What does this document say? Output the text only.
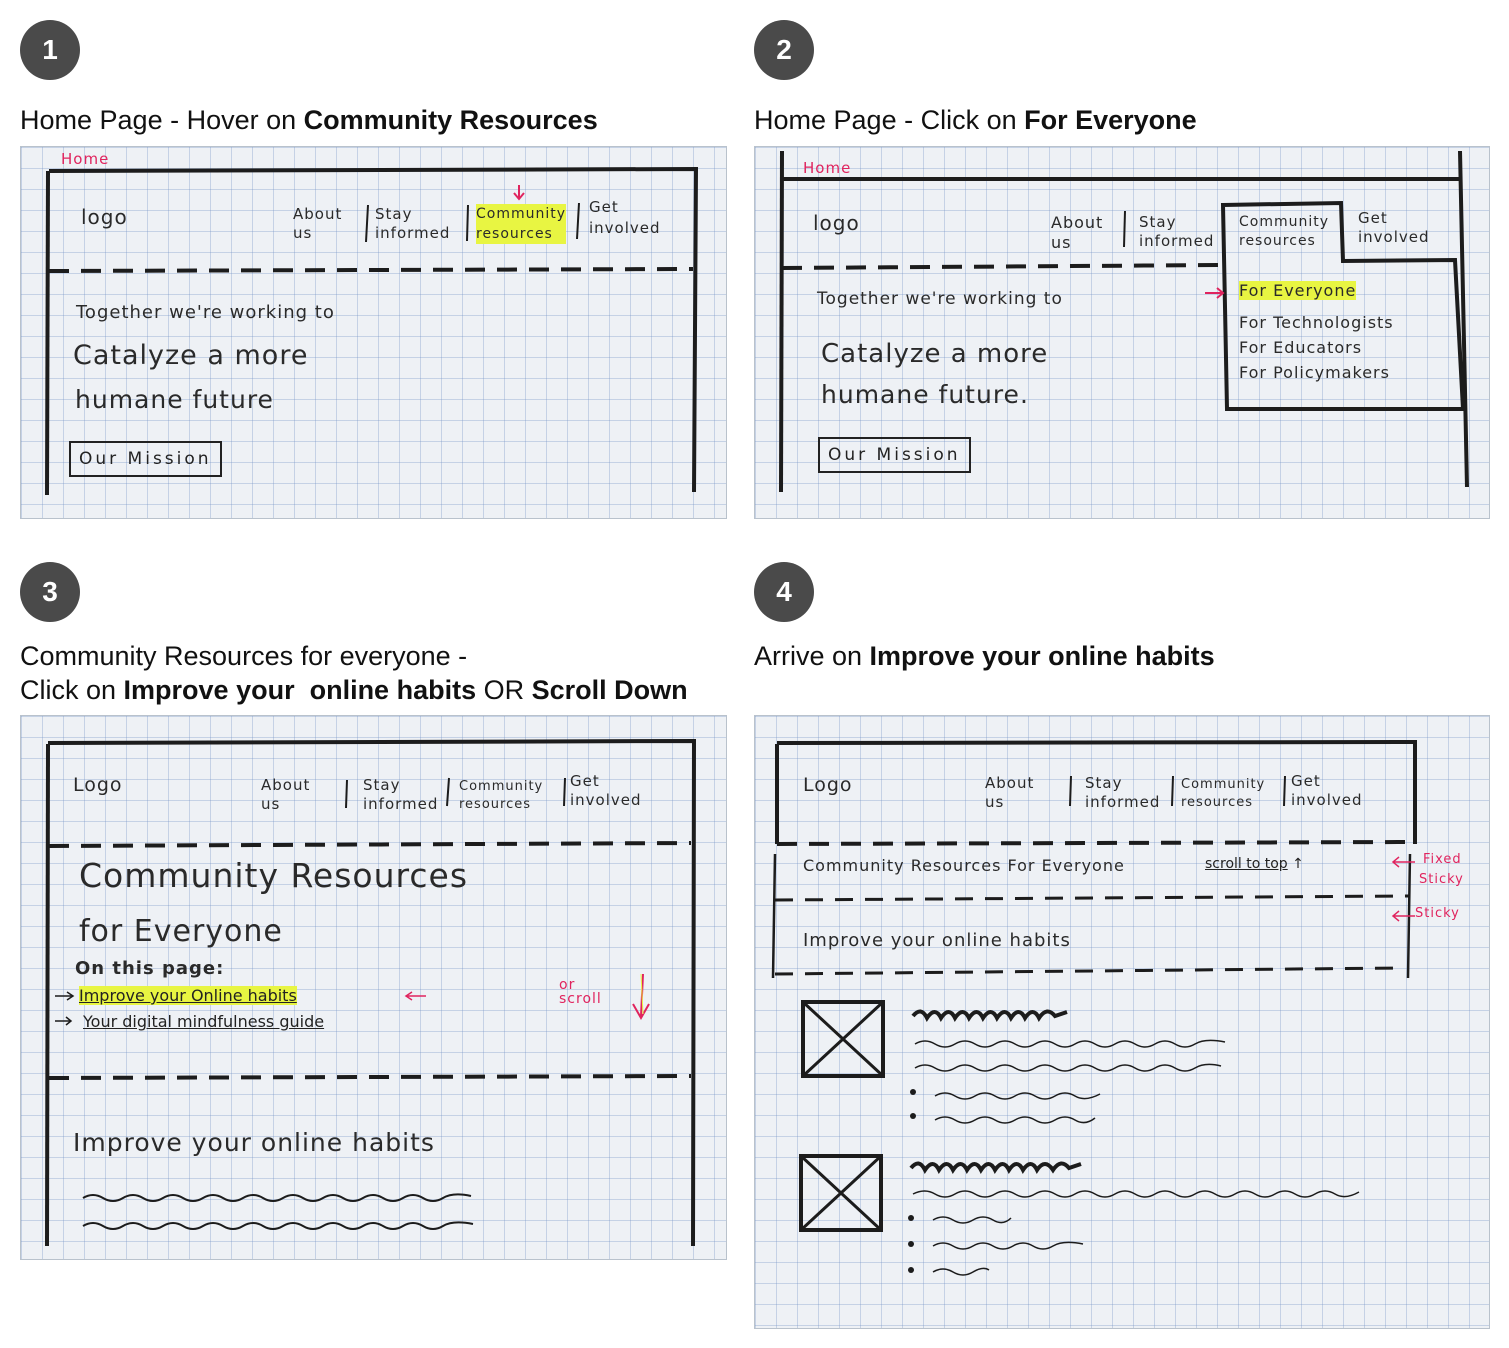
1
Home Page - Hover on Community Resources
Home
logo	About
us
Stay
informed
Community
resources
Get
involved
Together we're working to
Catalyze a more
humane future
Our Mission
2
Home Page - Click on For Everyone
Home
logo	About
us
Stay
informed
Community
resources
Get
involved
For Everyone
For Technologists
For Educators
For Policymakers
Together we're working to
Catalyze a more
humane future.
Our Mission
3
Community Resources for everyone -
Click on Improve your  online habits OR Scroll Down
Logo	About
us
Stay
informed
Community
resources
Get
involved
Community Resources
for Everyone
On this page:
Improve your Online habits
Your digital mindfulness guide
or scroll
Improve your online habits
4
Arrive on Improve your online habits
Logo	About
us
Stay
informed
Community
resources
Get
involved
Community Resources For Everyone	scroll to top ↑	Fixed
Sticky
Sticky
Improve your online habits
